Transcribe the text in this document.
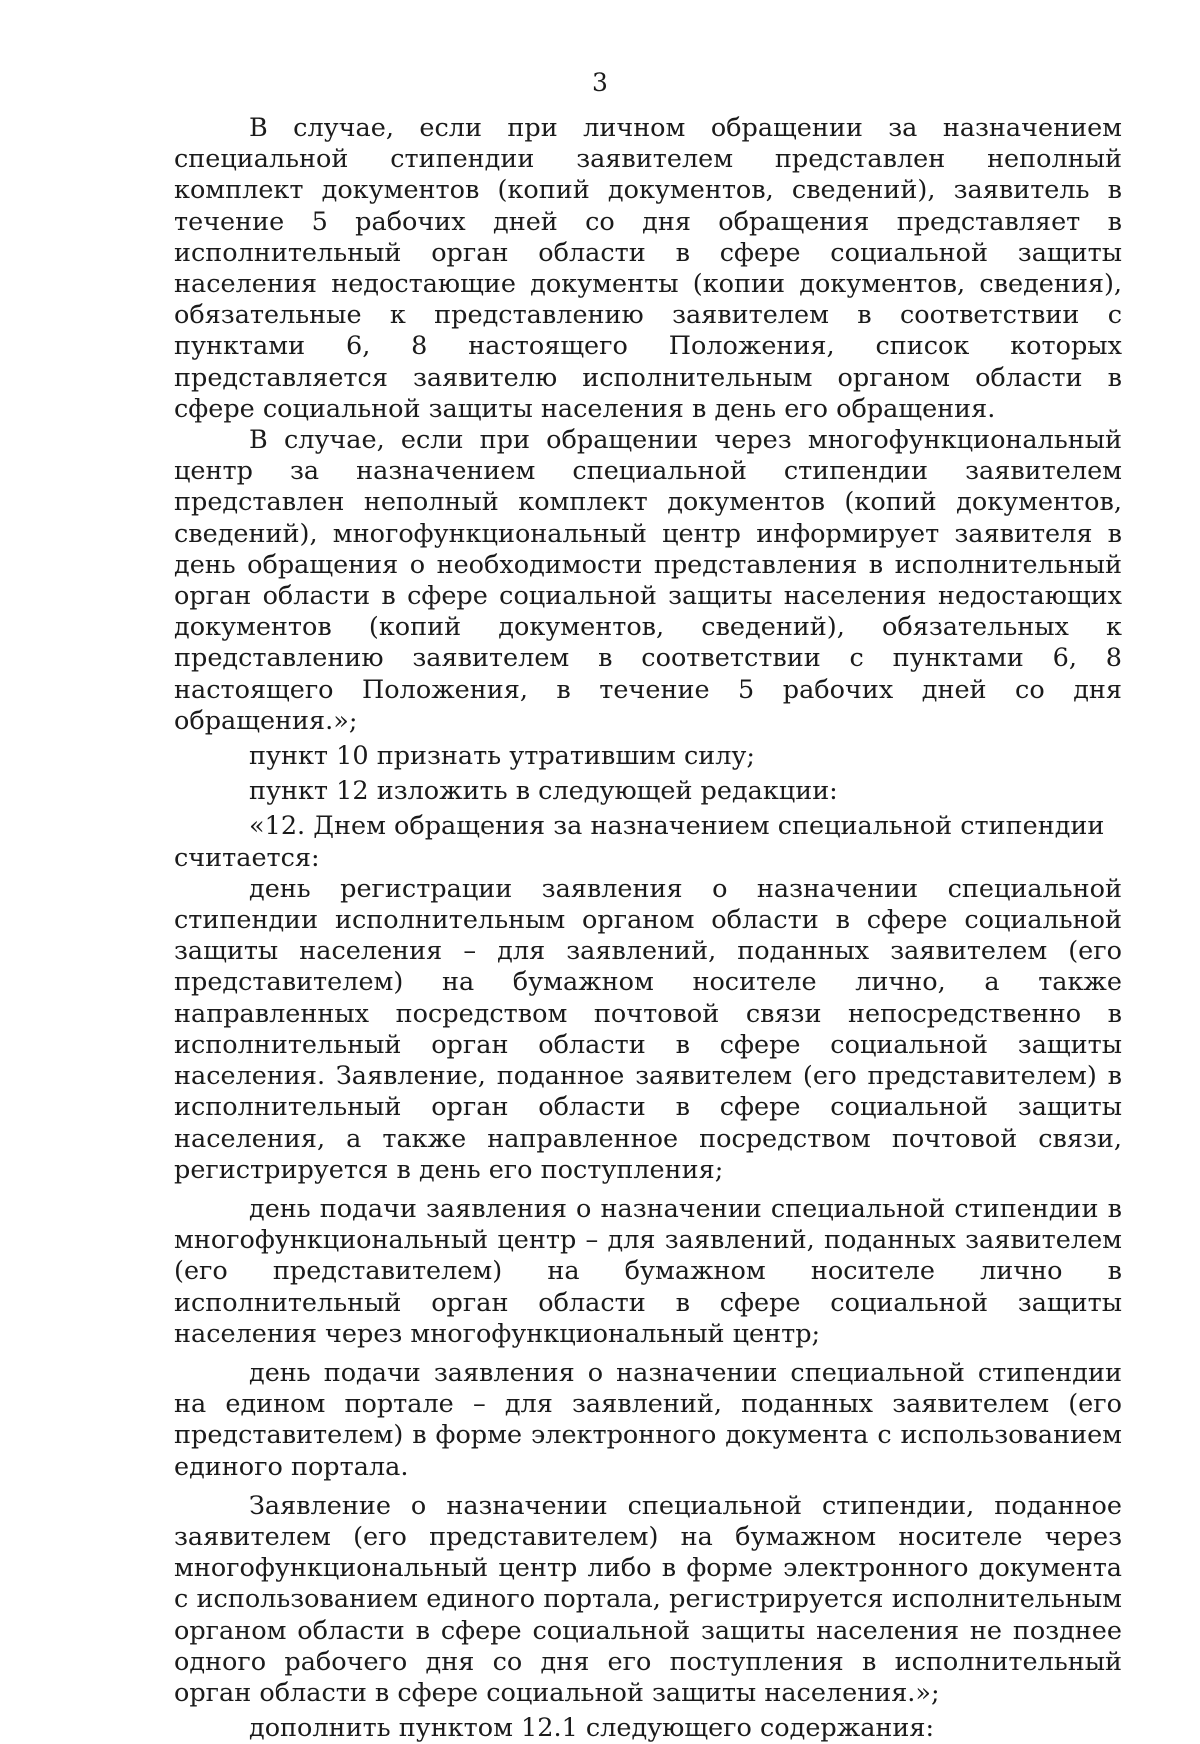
3

В случае, если при личном обращении за назначением специальной стипендии заявителем представлен неполный комплект документов (копий документов, сведений), заявитель в течение 5 рабочих дней со дня обращения представляет в исполнительный орган области в сфере социальной защиты населения недостающие документы (копии документов, сведения), обязательные к представлению заявителем в соответствии с пунктами 6, 8 настоящего Положения, список которых представляется заявителю исполнительным органом области в сфере социальной защиты населения в день его обращения.

В случае, если при обращении через многофункциональный центр за назначением специальной стипендии заявителем представлен неполный комплект документов (копий документов, сведений), многофункциональный центр информирует заявителя в день обращения о необходимости представления в исполнительный орган области в сфере социальной защиты населения недостающих документов (копий документов, сведений), обязательных к представлению заявителем в соответствии с пунктами 6, 8 настоящего Положения, в течение 5 рабочих дней со дня обращения.»;

пункт 10 признать утратившим силу;

пункт 12 изложить в следующей редакции:

«12. Днем обращения за назначением специальной стипендии считается:

день регистрации заявления о назначении специальной стипендии исполнительным органом области в сфере социальной защиты населения – для заявлений, поданных заявителем (его представителем) на бумажном носителе лично, а также направленных посредством почтовой связи непосредственно в исполнительный орган области в сфере социальной защиты населения. Заявление, поданное заявителем (его представителем) в исполнительный орган области в сфере социальной защиты населения, а также направленное посредством почтовой связи, регистрируется в день его поступления;

день подачи заявления о назначении специальной стипендии в многофункциональный центр – для заявлений, поданных заявителем (его представителем) на бумажном носителе лично в исполнительный орган области в сфере социальной защиты населения через многофункциональный центр;

день подачи заявления о назначении специальной стипендии на едином портале – для заявлений, поданных заявителем (его представителем) в форме электронного документа с использованием единого портала.

Заявление о назначении специальной стипендии, поданное заявителем (его представителем) на бумажном носителе через многофункциональный центр либо в форме электронного документа с использованием единого портала, регистрируется исполнительным органом области в сфере социальной защиты населения не позднее одного рабочего дня со дня его поступления в исполнительный орган области в сфере социальной защиты населения.»;

дополнить пунктом 12.1 следующего содержания:
